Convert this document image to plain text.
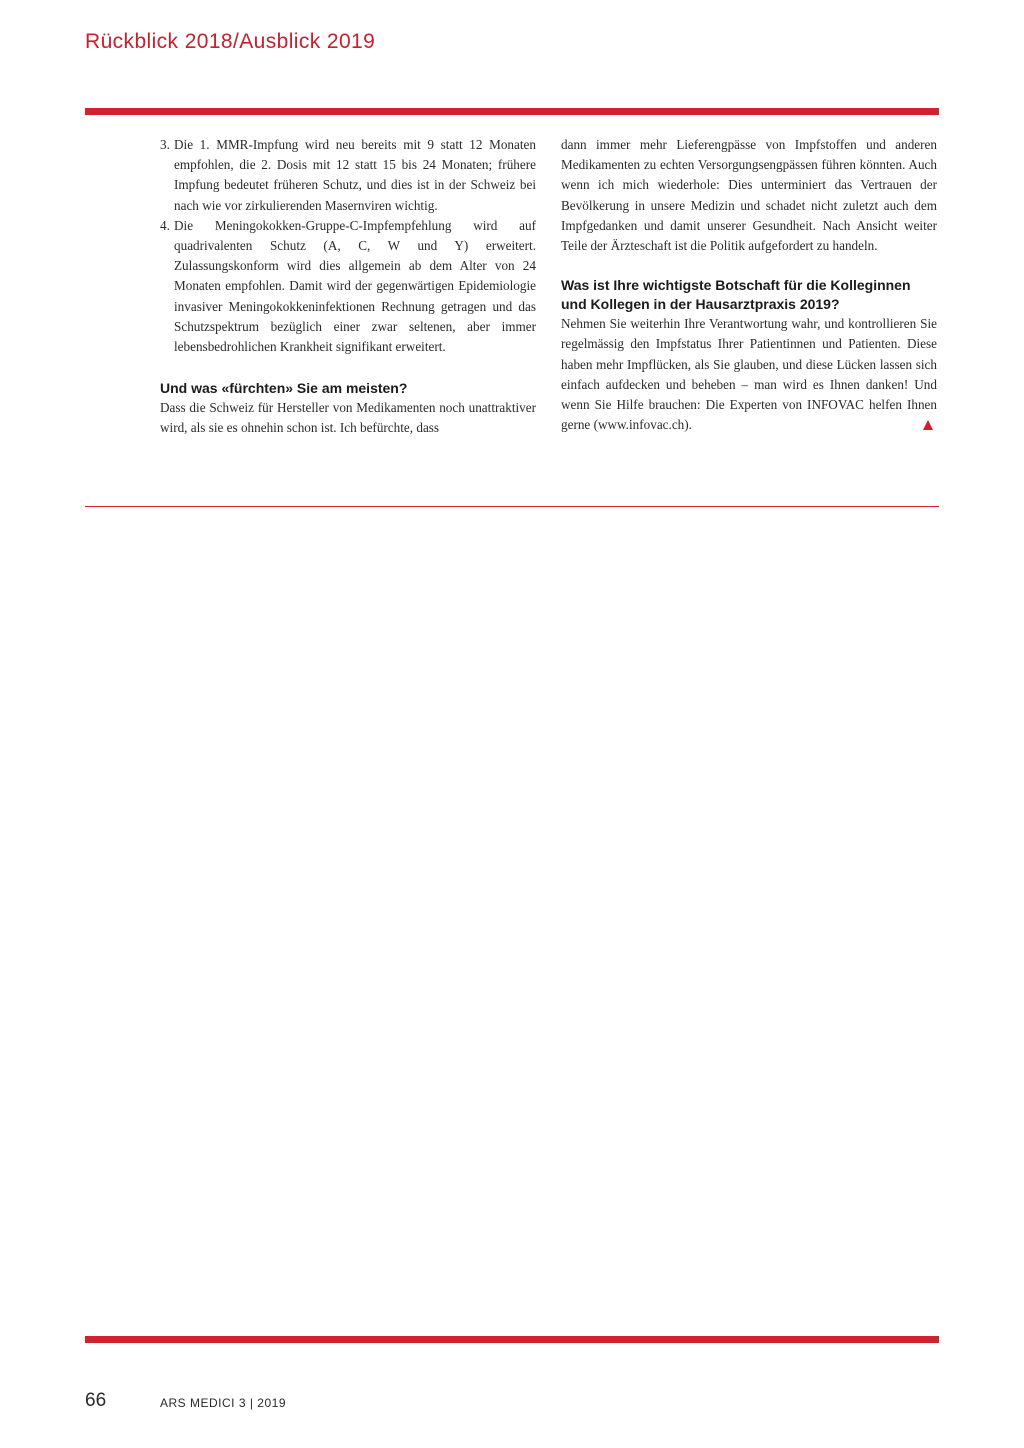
Rückblick 2018/Ausblick 2019
3. Die 1. MMR-Impfung wird neu bereits mit 9 statt 12 Monaten empfohlen, die 2. Dosis mit 12 statt 15 bis 24 Monaten; frühere Impfung bedeutet früheren Schutz, und dies ist in der Schweiz bei nach wie vor zirkulierenden Masernviren wichtig.
4. Die Meningokokken-Gruppe-C-Impfempfehlung wird auf quadrivalenten Schutz (A, C, W und Y) erweitert. Zulassungskonform wird dies allgemein ab dem Alter von 24 Monaten empfohlen. Damit wird der gegenwärtigen Epidemiologie invasiver Meningokokkeninfektionen Rechnung getragen und das Schutzspektrum bezüglich einer zwar seltenen, aber immer lebensbedrohlichen Krankheit signifikant erweitert.
Und was «fürchten» Sie am meisten?

Dass die Schweiz für Hersteller von Medikamenten noch unattraktiver wird, als sie es ohnehin schon ist. Ich befürchte, dass

dann immer mehr Lieferengpässe von Impfstoffen und anderen Medikamenten zu echten Versorgungsengpässen führen könnten. Auch wenn ich mich wiederhole: Dies unterminiert das Vertrauen der Bevölkerung in unsere Medizin und schadet nicht zuletzt auch dem Impfgedanken und damit unserer Gesundheit. Nach Ansicht weiter Teile der Ärzteschaft ist die Politik aufgefordert zu handeln.

Was ist Ihre wichtigste Botschaft für die Kolleginnen und Kollegen in der Hausarztpraxis 2019?

Nehmen Sie weiterhin Ihre Verantwortung wahr, und kontrollieren Sie regelmässig den Impfstatus Ihrer Patientinnen und Patienten. Diese haben mehr Impflücken, als Sie glauben, und diese Lücken lassen sich einfach aufdecken und beheben – man wird es Ihnen danken! Und wenn Sie Hilfe brauchen: Die Experten von INFOVAC helfen Ihnen gerne (www.infovac.ch).

66	ARS MEDICI 3 | 2019
